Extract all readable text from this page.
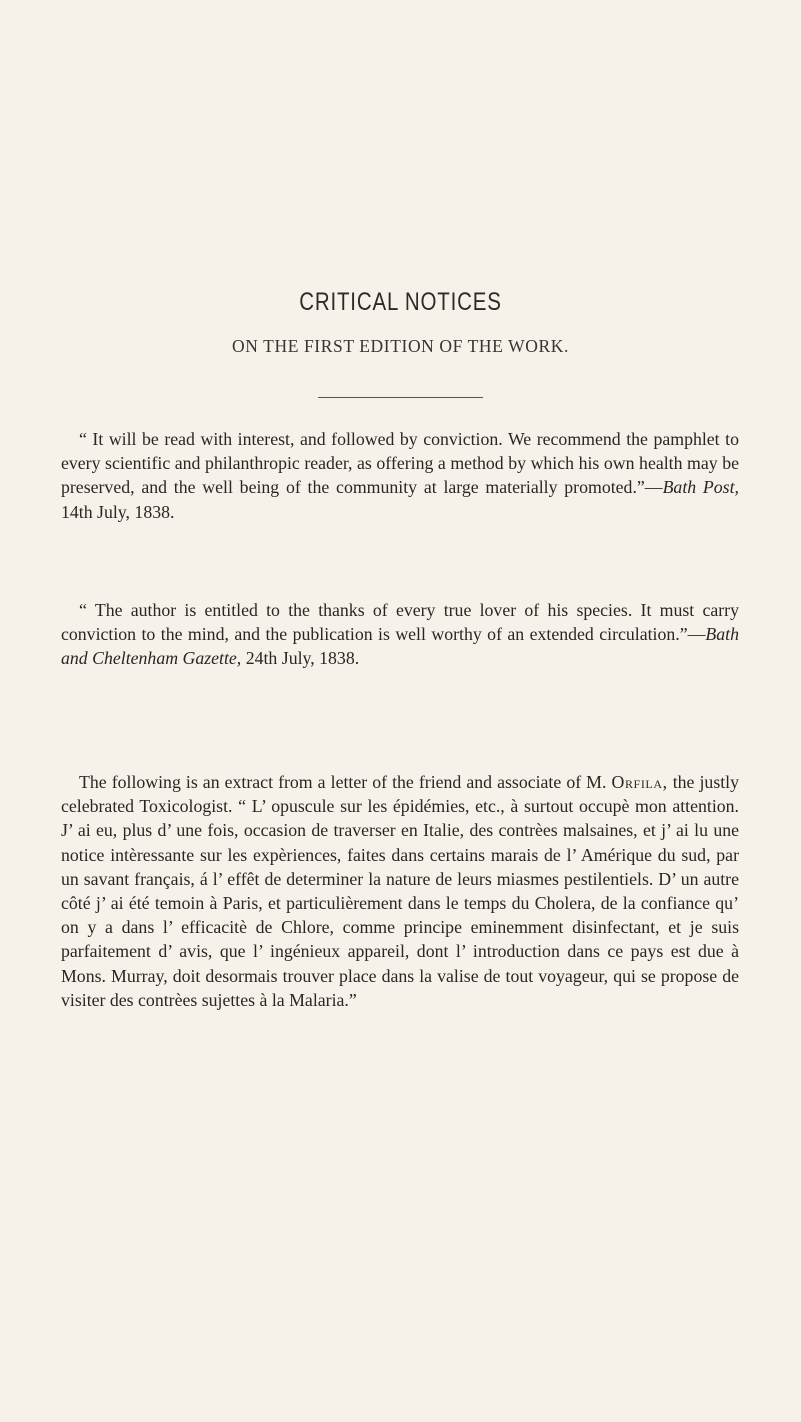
CRITICAL NOTICES
ON THE FIRST EDITION OF THE WORK.

“ It will be read with interest, and followed by conviction. We recommend the pamphlet to every scientific and philanthropic reader, as offering a method by which his own health may be preserved, and the well being of the community at large materially promoted.”—Bath Post, 14th July, 1838.

“ The author is entitled to the thanks of every true lover of his species. It must carry conviction to the mind, and the publication is well worthy of an extended circulation.”—Bath and Cheltenham Gazette, 24th July, 1838.

The following is an extract from a letter of the friend and associate of M. Orfila, the justly celebrated Toxicologist. “ L’ opuscule sur les épidémies, etc., à surtout occupè mon attention. J’ ai eu, plus d’ une fois, occasion de traverser en Italie, des contrèes malsaines, et j’ ai lu une notice intèressante sur les expèriences, faites dans certains marais de l’ Amérique du sud, par un savant français, á l’ effêt de determiner la nature de leurs miasmes pestilentiels. D’ un autre côté j’ ai été temoin à Paris, et particulièrement dans le temps du Cholera, de la confiance qu’ on y a dans l’ efficacitè de Chlore, comme principe eminemment disinfectant, et je suis parfaitement d’ avis, que l’ ingénieux appareil, dont l’ introduction dans ce pays est due à Mons. Murray, doit desormais trouver place dans la valise de tout voyageur, qui se propose de visiter des contrèes sujettes à la Malaria.”
